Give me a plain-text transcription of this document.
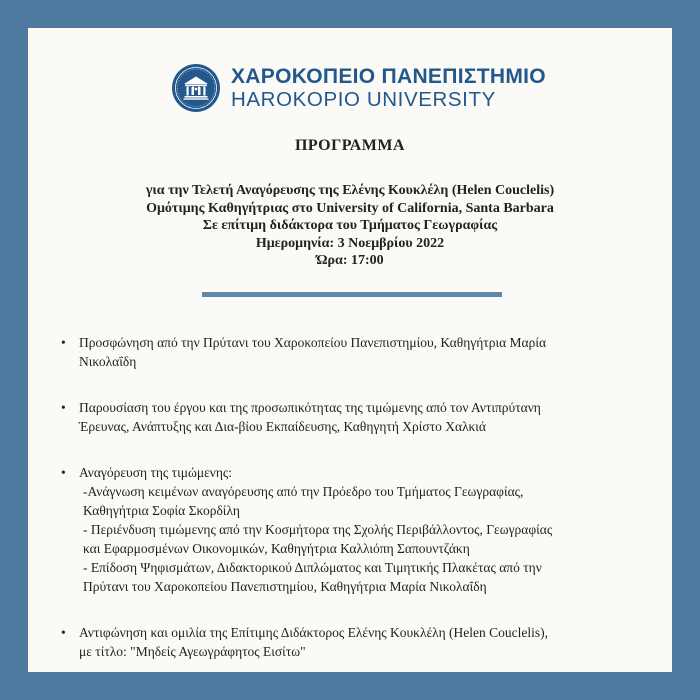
ΧΑΡΟΚΟΠΕΙΟ ΠΑΝΕΠΙΣΤΗΜΙΟ
HAROKOPIO UNIVERSITY
ΠΡΟΓΡΑΜΜΑ
για την Τελετή Αναγόρευσης της Ελένης Κουκλέλη (Helen Couclelis)
Ομότιμης Καθηγήτριας στο University of California, Santa Barbara
Σε επίτιμη διδάκτορα του Τμήματος Γεωγραφίας
Ημερομηνία: 3 Νοεμβρίου 2022
Ώρα: 17:00
• Προσφώνηση από την Πρύτανι του Χαροκοπείου Πανεπιστημίου, Καθηγήτρια Μαρία
Νικολαΐδη
• Παρουσίαση του έργου και της προσωπικότητας της τιμώμενης από τον Αντιπρύτανη
Έρευνας, Ανάπτυξης και Δια-βίου Εκπαίδευσης, Καθηγητή Χρίστο Χαλκιά
• Αναγόρευση της τιμώμενης:
-Ανάγνωση κειμένων αναγόρευσης από την Πρόεδρο του Τμήματος Γεωγραφίας,
Καθηγήτρια Σοφία Σκορδίλη
- Περιένδυση τιμώμενης από την Κοσμήτορα της Σχολής Περιβάλλοντος, Γεωγραφίας
και Εφαρμοσμένων Οικονομικών, Καθηγήτρια Καλλιόπη Σαπουντζάκη
- Επίδοση Ψηφισμάτων, Διδακτορικού Διπλώματος και Τιμητικής Πλακέτας από την
Πρύτανι του Χαροκοπείου Πανεπιστημίου, Καθηγήτρια Μαρία Νικολαΐδη
• Αντιφώνηση και ομιλία της Επίτιμης Διδάκτορος Ελένης Κουκλέλη (Helen Couclelis),
με τίτλο: "Μηδείς Αγεωγράφητος Εισίτω"
